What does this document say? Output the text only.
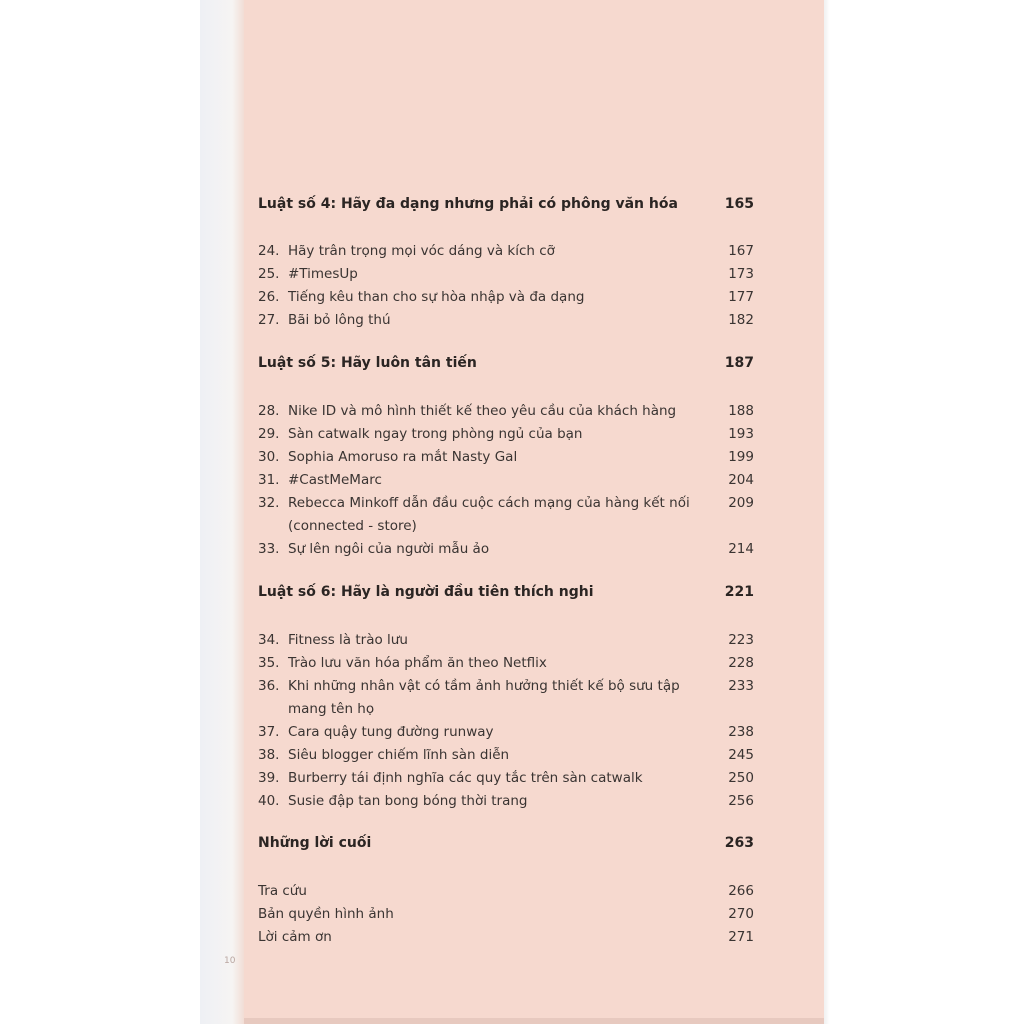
Luật số 4: Hãy đa dạng nhưng phải có phông văn hóa	165
24. Hãy trân trọng mọi vóc dáng và kích cỡ	167
25. #TimesUp	173
26. Tiếng kêu than cho sự hòa nhập và đa dạng	177
27. Bãi bỏ lông thú	182
Luật số 5: Hãy luôn tân tiến	187
28. Nike ID và mô hình thiết kế theo yêu cầu của khách hàng	188
29. Sàn catwalk ngay trong phòng ngủ của bạn	193
30. Sophia Amoruso ra mắt Nasty Gal	199
31. #CastMeMarc	204
32. Rebecca Minkoff dẫn đầu cuộc cách mạng của hàng kết nối	209
(connected - store)
33. Sự lên ngôi của người mẫu ảo	214
Luật số 6: Hãy là người đầu tiên thích nghi	221
34. Fitness là trào lưu	223
35. Trào lưu văn hóa phẩm ăn theo Netflix	228
36. Khi những nhân vật có tầm ảnh hưởng thiết kế bộ sưu tập	233
mang tên họ
37. Cara quậy tung đường runway	238
38. Siêu blogger chiếm lĩnh sàn diễn	245
39. Burberry tái định nghĩa các quy tắc trên sàn catwalk	250
40. Susie đập tan bong bóng thời trang	256
Những lời cuối	263
Tra cứu	266
Bản quyền hình ảnh	270
Lời cảm ơn	271
10
